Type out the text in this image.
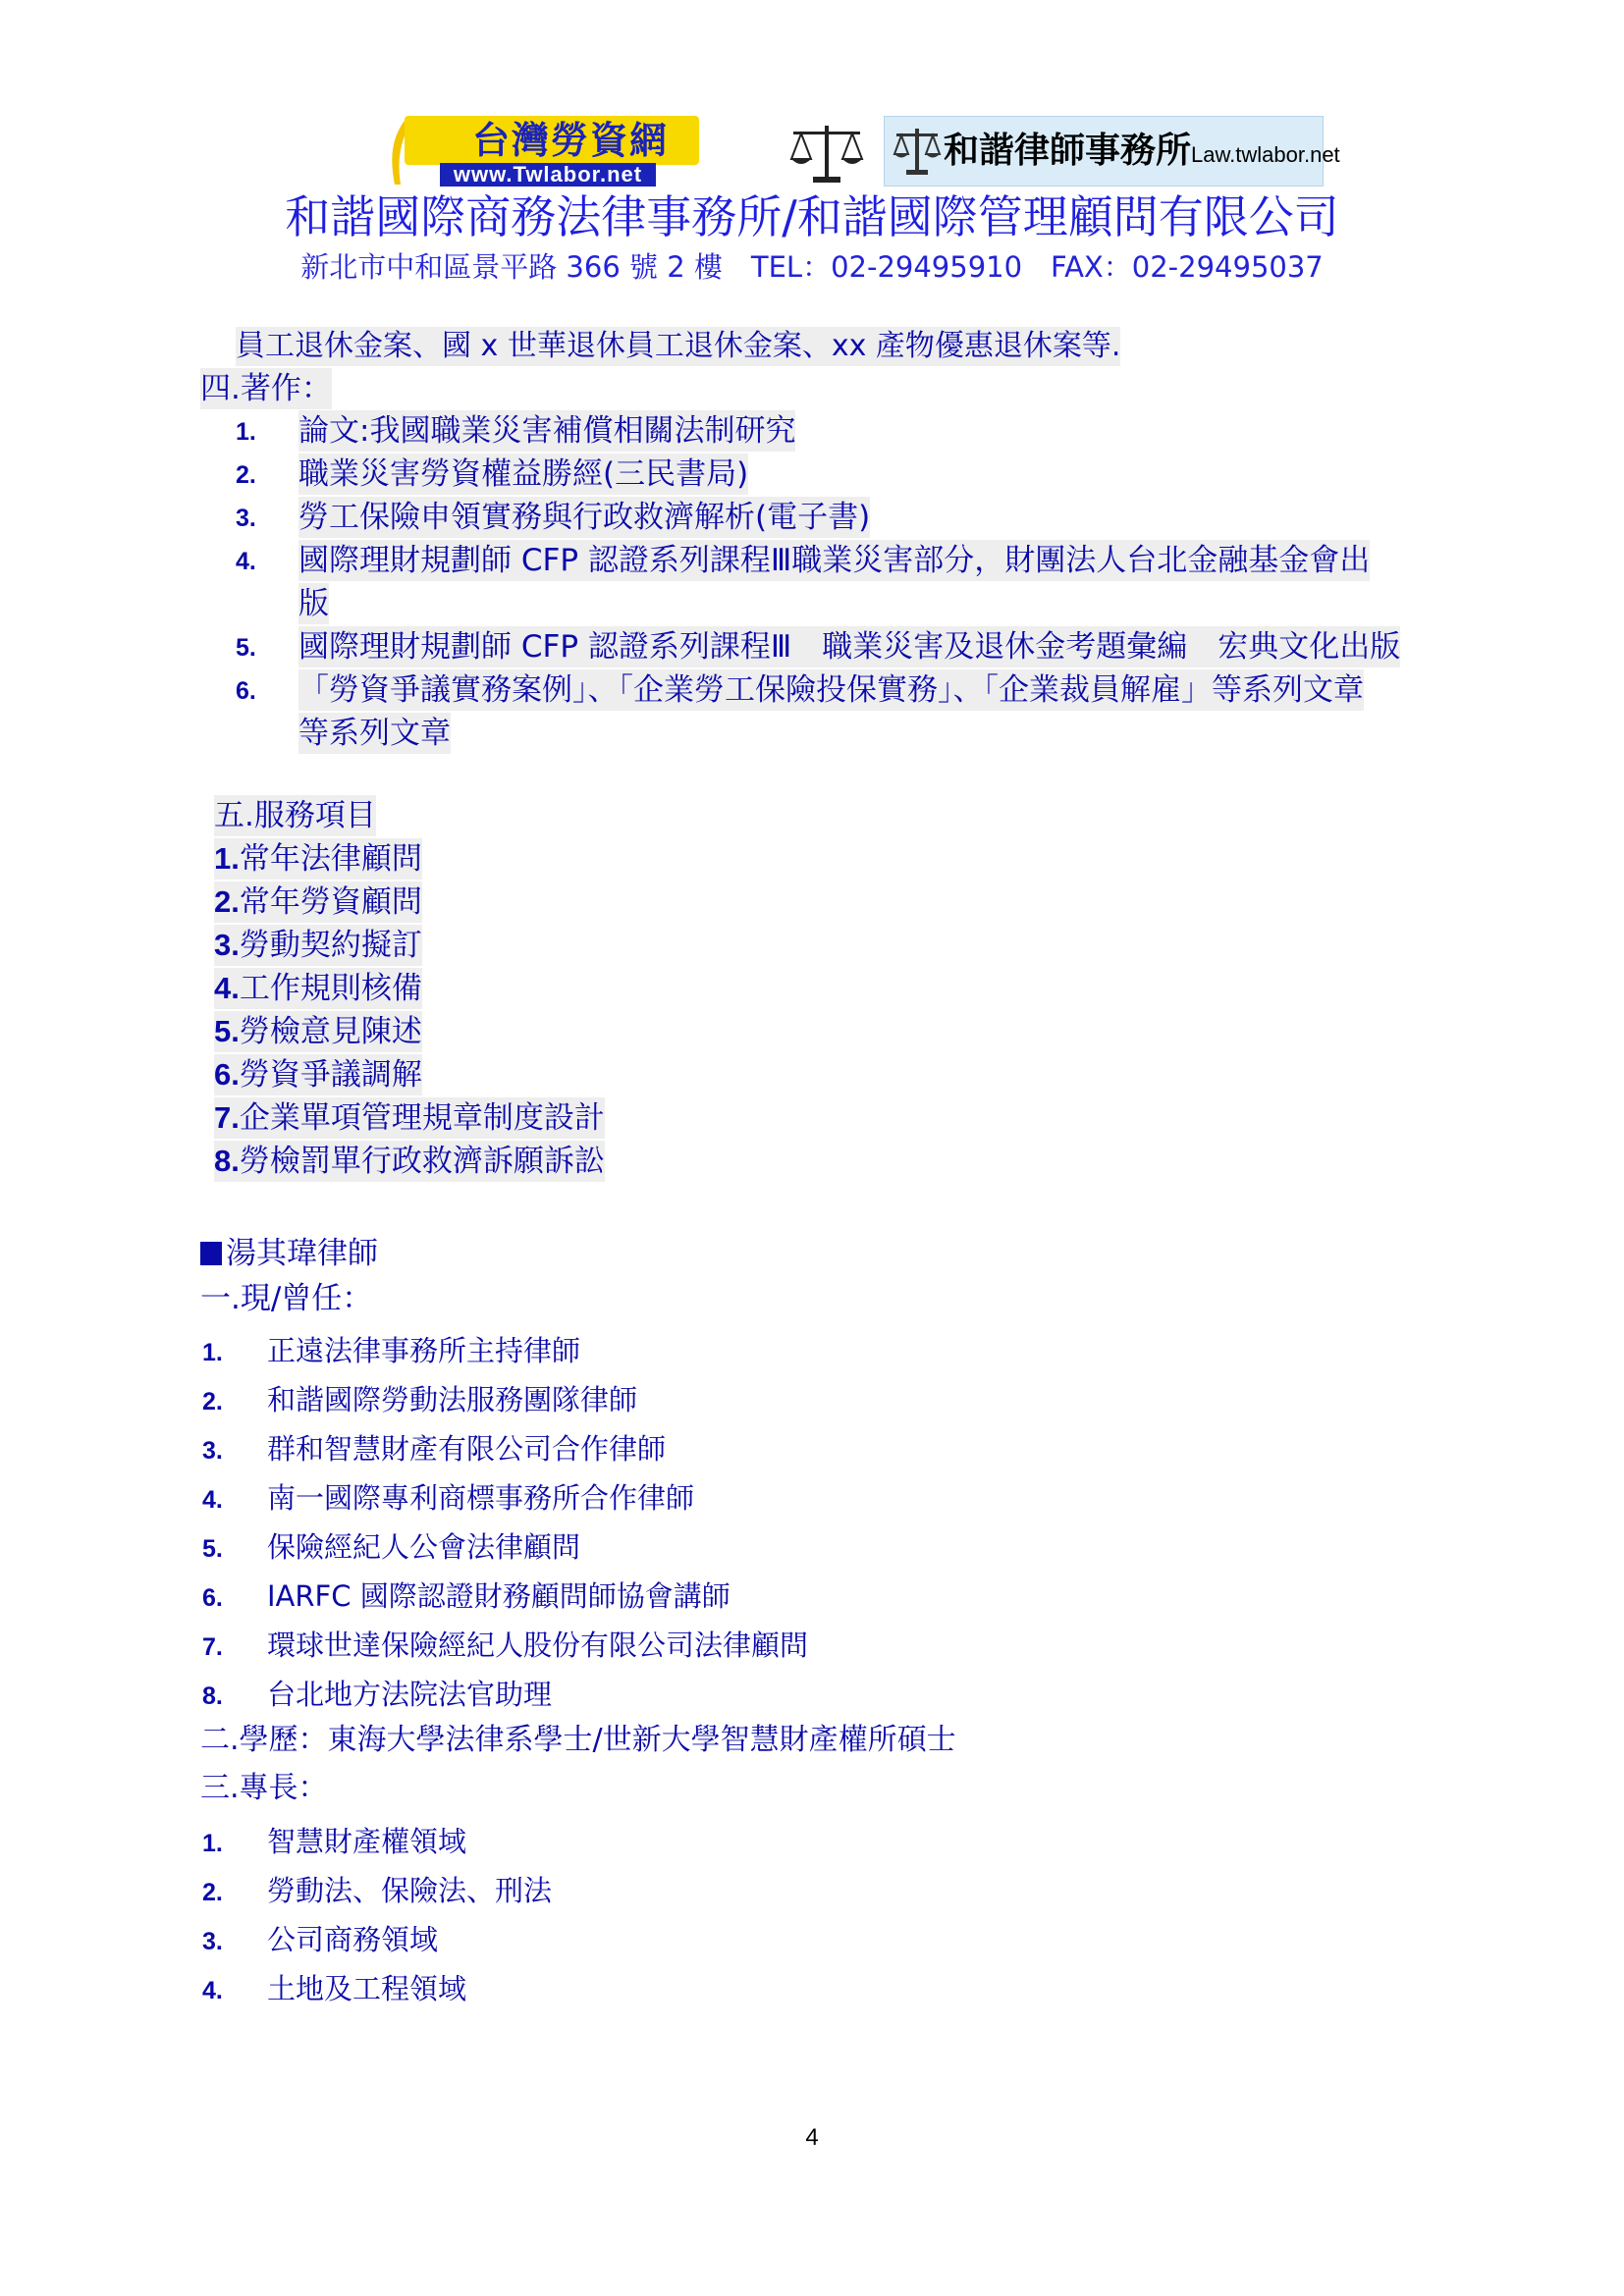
台灣勞資網
www.Twlabor.net
和諧律師事務所Law.twlabor.net
和諧國際商務法律事務所/和諧國際管理顧問有限公司
新北市中和區景平路 366 號 2 樓　TEL：02-29495910　FAX：02-29495037
員工退休金案、國 x 世華退休員工退休金案、xx 產物優惠退休案等.
四.著作：
1. 論文:我國職業災害補償相關法制研究
2. 職業災害勞資權益勝經(三民書局)
3. 勞工保險申領實務與行政救濟解析(電子書)
4. 國際理財規劃師 CFP 認證系列課程Ⅲ職業災害部分，財團法人台北金融基金會出
版
5. 國際理財規劃師 CFP 認證系列課程Ⅲ　職業災害及退休金考題彙編　宏典文化出版
6. 「勞資爭議實務案例」、「企業勞工保險投保實務」、「企業裁員解雇」等系列文章
等系列文章
五.服務項目
1.常年法律顧問
2.常年勞資顧問
3.勞動契約擬訂
4.工作規則核備
5.勞檢意見陳述
6.勞資爭議調解
7.企業單項管理規章制度設計
8.勞檢罰單行政救濟訴願訴訟
湯其瑋律師
一.現/曾任：
1. 正遠法律事務所主持律師
2. 和諧國際勞動法服務團隊律師
3. 群和智慧財產有限公司合作律師
4. 南一國際專利商標事務所合作律師
5. 保險經紀人公會法律顧問
6. IARFC 國際認證財務顧問師協會講師
7. 環球世達保險經紀人股份有限公司法律顧問
8. 台北地方法院法官助理
二.學歷：東海大學法律系學士/世新大學智慧財產權所碩士
三.專長：
1. 智慧財產權領域
2. 勞動法、保險法、刑法
3. 公司商務領域
4. 土地及工程領域
4
